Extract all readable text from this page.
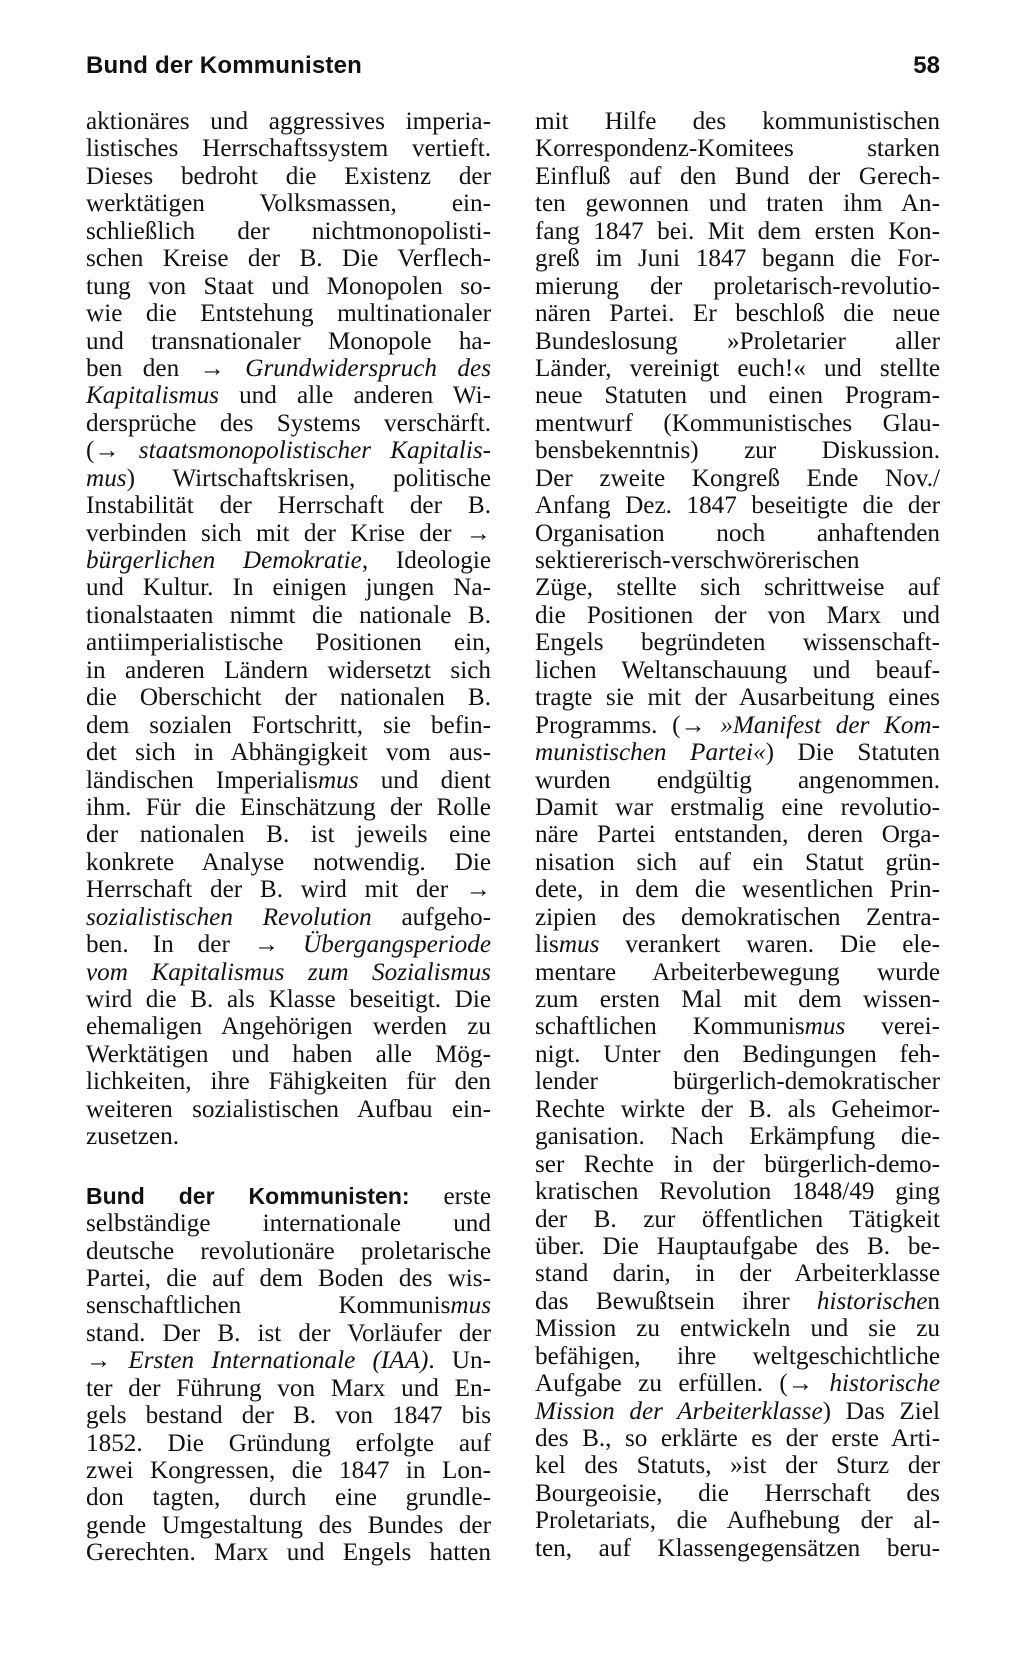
Bund der Kommunisten	58
aktionäres und aggressives imperia-
listisches Herrschaftssystem vertieft.
Dieses bedroht die Existenz der
werktätigen Volksmassen, ein-
schließlich der nichtmonopolisti-
schen Kreise der B. Die Verflech-
tung von Staat und Monopolen so-
wie die Entstehung multinationaler
und transnationaler Monopole ha-
ben den → Grundwiderspruch des
Kapitalismus und alle anderen Wi-
dersprüche des Systems verschärft.
(→ staatsmonopolistischer Kapitalis-
mus) Wirtschaftskrisen, politische
Instabilität der Herrschaft der B.
verbinden sich mit der Krise der →
bürgerlichen Demokratie, Ideologie
und Kultur. In einigen jungen Na-
tionalstaaten nimmt die nationale B.
antiimperialistische Positionen ein,
in anderen Ländern widersetzt sich
die Oberschicht der nationalen B.
dem sozialen Fortschritt, sie befin-
det sich in Abhängigkeit vom aus-
ländischen Imperialismus und dient
ihm. Für die Einschätzung der Rolle
der nationalen B. ist jeweils eine
konkrete Analyse notwendig. Die
Herrschaft der B. wird mit der →
sozialistischen Revolution aufgeho-
ben. In der → Übergangsperiode
vom Kapitalismus zum Sozialismus
wird die B. als Klasse beseitigt. Die
ehemaligen Angehörigen werden zu
Werktätigen und haben alle Mög-
lichkeiten, ihre Fähigkeiten für den
weiteren sozialistischen Aufbau ein-
zusetzen.
Bund der Kommunisten: erste
selbständige internationale und
deutsche revolutionäre proletarische
Partei, die auf dem Boden des wis-
senschaftlichen Kommunismus
stand. Der B. ist der Vorläufer der
→ Ersten Internationale (IAA). Un-
ter der Führung von Marx und En-
gels bestand der B. von 1847 bis
1852. Die Gründung erfolgte auf
zwei Kongressen, die 1847 in Lon-
don tagten, durch eine grundle-
gende Umgestaltung des Bundes der
Gerechten. Marx und Engels hatten
mit Hilfe des kommunistischen
Korrespondenz-Komitees starken
Einfluß auf den Bund der Gerech-
ten gewonnen und traten ihm An-
fang 1847 bei. Mit dem ersten Kon-
greß im Juni 1847 begann die For-
mierung der proletarisch-revolutio-
nären Partei. Er beschloß die neue
Bundeslosung »Proletarier aller
Länder, vereinigt euch!« und stellte
neue Statuten und einen Program-
mentwurf (Kommunistisches Glau-
bensbekenntnis) zur Diskussion.
Der zweite Kongreß Ende Nov./
Anfang Dez. 1847 beseitigte die der
Organisation noch anhaftenden
sektiererisch-verschwörerischen
Züge, stellte sich schrittweise auf
die Positionen der von Marx und
Engels begründeten wissenschaft-
lichen Weltanschauung und beauf-
tragte sie mit der Ausarbeitung eines
Programms. (→ »Manifest der Kom-
munistischen Partei«) Die Statuten
wurden endgültig angenommen.
Damit war erstmalig eine revolutio-
näre Partei entstanden, deren Orga-
nisation sich auf ein Statut grün-
dete, in dem die wesentlichen Prin-
zipien des demokratischen Zentra-
lismus verankert waren. Die ele-
mentare Arbeiterbewegung wurde
zum ersten Mal mit dem wissen-
schaftlichen Kommunismus verei-
nigt. Unter den Bedingungen feh-
lender bürgerlich-demokratischer
Rechte wirkte der B. als Geheimor-
ganisation. Nach Erkämpfung die-
ser Rechte in der bürgerlich-demo-
kratischen Revolution 1848/49 ging
der B. zur öffentlichen Tätigkeit
über. Die Hauptaufgabe des B. be-
stand darin, in der Arbeiterklasse
das Bewußtsein ihrer historischen
Mission zu entwickeln und sie zu
befähigen, ihre weltgeschichtliche
Aufgabe zu erfüllen. (→ historische
Mission der Arbeiterklasse) Das Ziel
des B., so erklärte es der erste Arti-
kel des Statuts, »ist der Sturz der
Bourgeoisie, die Herrschaft des
Proletariats, die Aufhebung der al-
ten, auf Klassengegensätzen beru-
